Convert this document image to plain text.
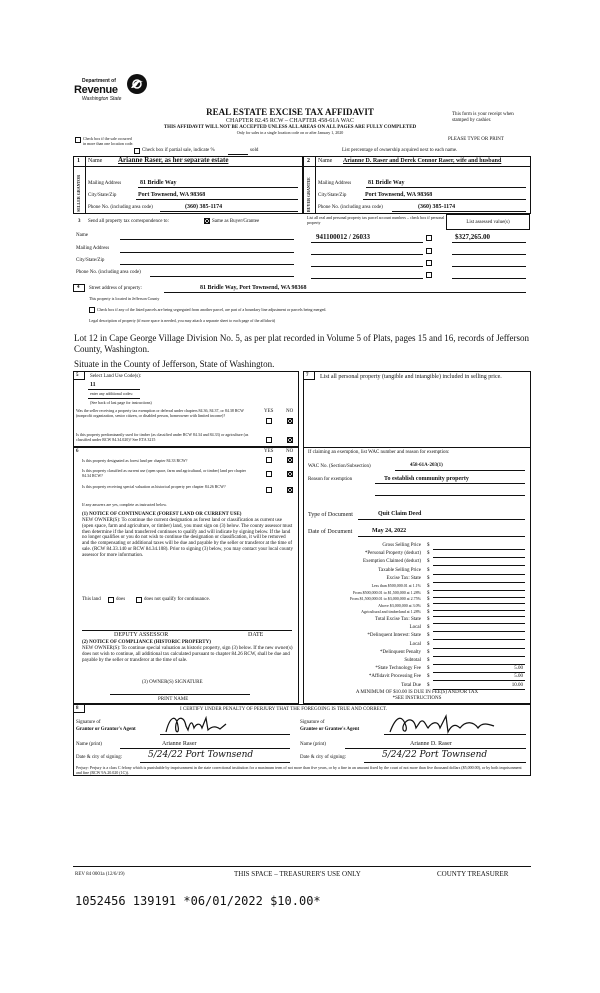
Department of
Revenue
Washington State
REAL ESTATE EXCISE TAX AFFIDAVIT
CHAPTER 82.45 RCW – CHAPTER 458-61A WAC
THIS AFFIDAVIT WILL NOT BE ACCEPTED UNLESS ALL AREAS ON ALL PAGES ARE FULLY COMPLETED
Only for sales in a single location code on or after January 1, 2020
This form is your receipt when
stamped by cashier.
PLEASE TYPE OR PRINT
Check box if the sale occurred
in more than one location code.
Check box if partial sale, indicate %	sold	List percentage of ownership acquired next to each name.
1	2
SELLER GRANTOR	BUYER GRANTEE
Name Arianne Raser, as her separate estate
Mailing Address	81 Bridle Way
City/State/Zip	Port Townsend, WA 98368
Phone No. (including area code)	(360) 385-1174
Name Arianne D. Raser and Derek Connor Raser, wife and husband
Mailing Address	81 Bridle Way
City/State/Zip	Port Townsend, WA 98368
Phone No. (including area code)	(360) 385-1174
3 Send all property tax correspondence to:	Same as Buyer/Grantee
Name
Mailing Address
City/State/Zip
Phone No. (including area code)
List all real and personal property tax parcel account numbers – check box if personal property	List assessed value(s)
941100012 / 26033	$327,265.00
4 Street address of property:	81 Bridle Way, Port Townsend, WA 98368
This property is located in Jefferson County
Check box if any of the listed parcels are being segregated from another parcel, are part of a boundary line adjustment or parcels being merged.
Legal description of property (if more space is needed, you may attach a separate sheet to each page of the affidavit)
Lot 12 in Cape George Village Division No. 5, as per plat recorded in Volume 5 of Plats, pages 15 and 16, records of Jefferson County, Washington.
Situate in the County of Jefferson, State of Washington.
5 Select Land Use Code(s):
11
enter any additional codes:
(See back of last page for instructions)
YES	NO
Was the seller receiving a property tax exemption or deferral under chapters 84.36, 84.37, or 84.38 RCW (nonprofit organization, senior citizen, or disabled person, homeowner with limited income)?
Is this property predominantly used for timber (as classified under RCW 84.34 and 84.33) or agriculture (as classified under RCW 84.34.020)? See ETA 3215
6	YES	NO
Is this property designated as forest land per chapter 84.33 RCW?
Is this property classified as current use (open space, farm and agricultural, or timber) land per chapter 84.34 RCW?
Is this property receiving special valuation as historical property per chapter 84.26 RCW?
If any answers are yes, complete as instructed below.
(1) NOTICE OF CONTINUANCE (FOREST LAND OR CURRENT USE)
NEW OWNER(S): To continue the current designation as forest land or classification as current use (open space, farm and agriculture, or timber) land, you must sign on (3) below. The county assessor must then determine if the land transferred continues to qualify and will indicate by signing below. If the land no longer qualifies or you do not wish to continue the designation or classification, it will be removed and the compensating or additional taxes will be due and payable by the seller or transferor at the time of sale. (RCW 84.33.140 or RCW 84.34.108). Prior to signing (3) below, you may contact your local county assessor for more information.
This land	does	does not qualify for continuance.
DEPUTY ASSESSOR	DATE
(2) NOTICE OF COMPLIANCE (HISTORIC PROPERTY)
NEW OWNER(S): To continue special valuation as historic property, sign (3) below. If the new owner(s) does not wish to continue, all additional tax calculated pursuant to chapter 84.26 RCW, shall be due and payable by the seller or transferor at the time of sale.
(3) OWNER(S) SIGNATURE
PRINT NAME
7 List all personal property (tangible and intangible) included in selling price.
If claiming an exemption, list WAC number and reason for exemption:
WAC No. (Section/Subsection)	458-61A-203(1)
Reason for exemption	To establish community property
Type of Document	Quit Claim Deed
Date of Document	May 24, 2022
Gross Selling Price $
*Personal Property (deduct) $
Exemption Claimed (deduct) $
Taxable Selling Price $
Excise Tax: State $
Less than $500,000.01 at 1.1% $
From $500,000.01 to $1,500,000 at 1.28% $
From $1,500,000.01 to $3,000,000 at 2.75% $
Above $3,000,000 at 3.0% $
Agricultural and timberland at 1.28% $
Total Excise Tax: State $
Local $
*Delinquent Interest: State $
Local $
*Delinquent Penalty $
Subtotal $
*State Technology Fee $	5.00
*Affidavit Processing Fee $	5.00
Total Due $	10.00
A MINIMUM OF $10.00 IS DUE IN FEE(S) AND/OR TAX
*SEE INSTRUCTIONS
8	I CERTIFY UNDER PENALTY OF PERJURY THAT THE FOREGOING IS TRUE AND CORRECT.
Signature of
Grantor or Grantor's Agent
Signature of
Grantee or Grantee's Agent
Name (print)	Arianne Raser	Name (print)	Arianne D. Raser
Date & city of signing:	5/24/22 Port Townsend	Date & city of signing:	5/24/22 Port Townsend
Perjury: Perjury is a class C felony which is punishable by imprisonment in the state correctional institution for a maximum term of not more than five years, or by a fine in an amount fixed by the court of not more than five thousand dollars ($5,000.00), or by both imprisonment and fine (RCW 9A.20.020 (1C)).
REV 84 0001a (12/6/19)	THIS SPACE – TREASURER'S USE ONLY	COUNTY TREASURER
1052456 139191 *06/01/2022 $10.00*
